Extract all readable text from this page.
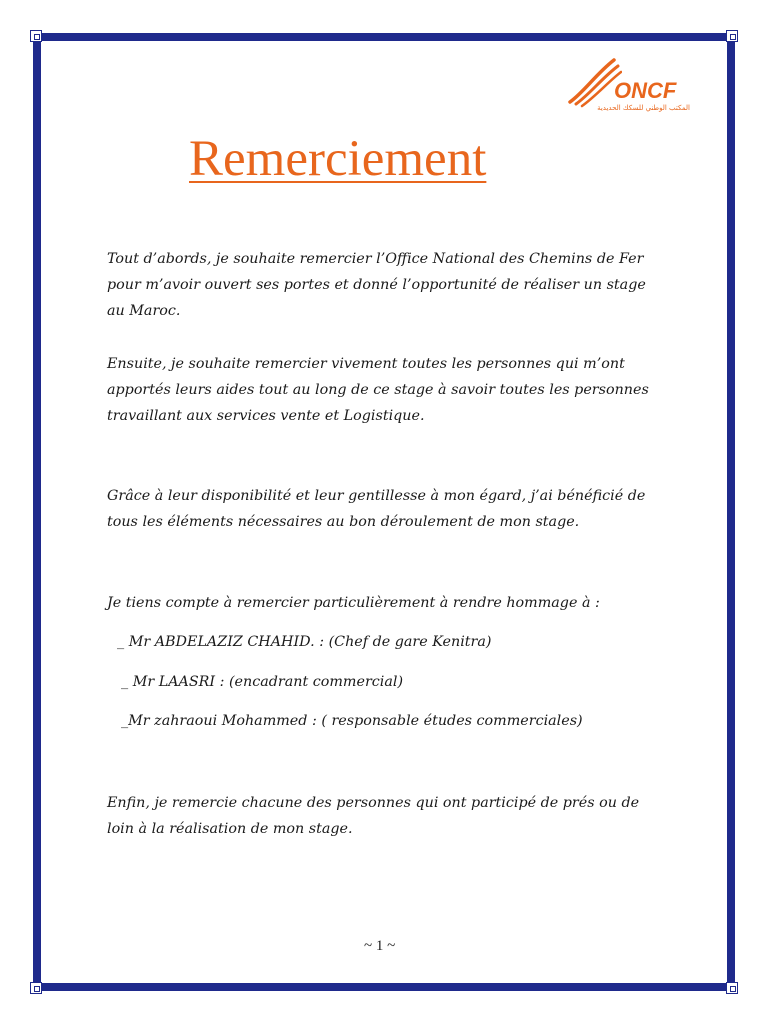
ONCF
المكتب الوطني للسكك الحديدية
Remerciement

Tout d’abords, je souhaite remercier l’Office National des Chemins de Fer pour m’avoir ouvert ses portes et donné l’opportunité de réaliser un stage au Maroc.

Ensuite, je souhaite remercier vivement toutes les personnes qui m’ont apportés leurs aides tout au long de ce stage à savoir toutes les personnes travaillant aux services vente et Logistique.

Grâce à leur disponibilité et leur gentillesse à mon égard, j’ai bénéficié de tous les éléments nécessaires au bon déroulement de mon stage.

Je tiens compte à remercier particulièrement à rendre hommage à :

_ Mr ABDELAZIZ CHAHID. : (Chef de gare Kenitra)
_ Mr LAASRI : (encadrant commercial)
_Mr zahraoui Mohammed : ( responsable études commerciales)

Enfin, je remercie chacune des personnes qui ont participé de prés ou de loin à la réalisation de mon stage.

~ 1 ~
